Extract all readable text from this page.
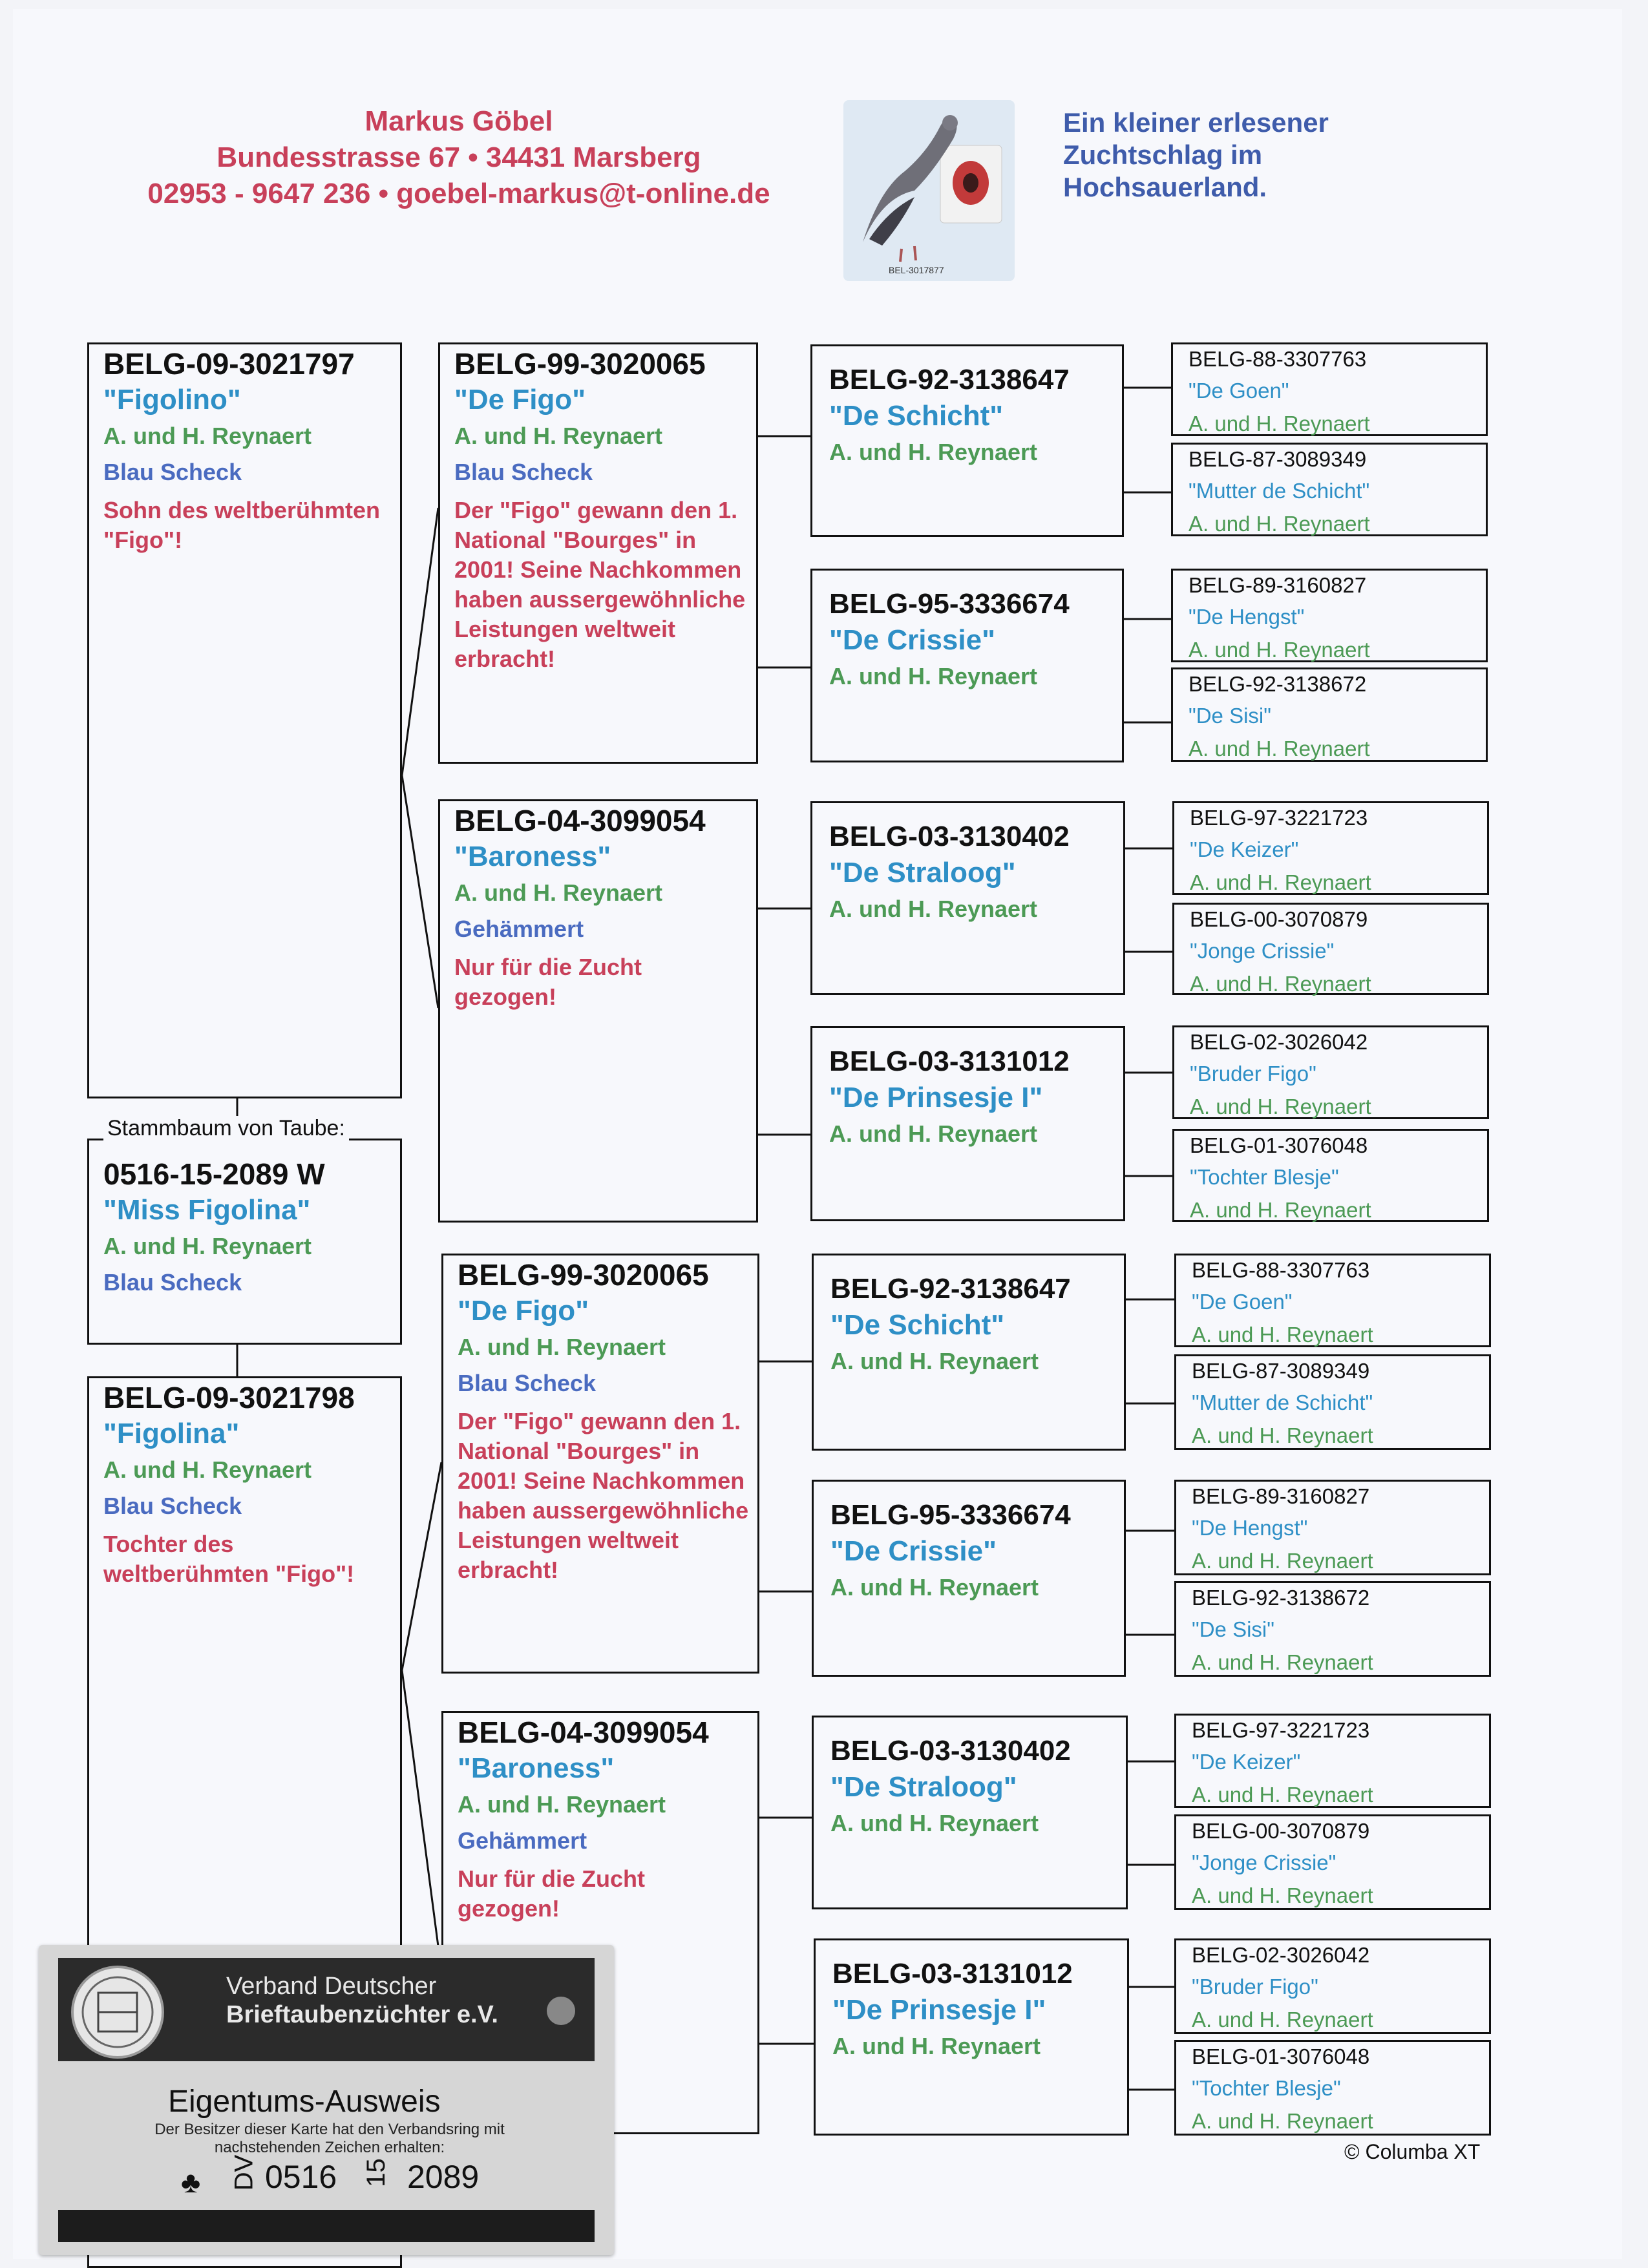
Markus Göbel
Bundesstrasse 67 • 34431 Marsberg
02953 - 9647 236 • goebel-markus@t-online.de
BEL-3017877
Ein kleiner erlesener
Zuchtschlag im
Hochsauerland.
BELG-09-3021797
"Figolino"
A. und H. Reynaert
Blau Scheck
Sohn des weltberühmten "Figo"!
0516-15-2089 W
"Miss Figolina"
A. und H. Reynaert
Blau Scheck
Stammbaum von Taube:
BELG-09-3021798
"Figolina"
A. und H. Reynaert
Blau Scheck
Tochter des weltberühmten "Figo"!
BELG-99-3020065
"De Figo"
A. und H. Reynaert
Blau Scheck
Der "Figo" gewann den 1. National "Bourges" in 2001! Seine Nachkommen haben aussergewöhnliche Leistungen weltweit erbracht!
BELG-04-3099054
"Baroness"
A. und H. Reynaert
Gehämmert
Nur für die Zucht gezogen!
BELG-99-3020065
"De Figo"
A. und H. Reynaert
Blau Scheck
Der "Figo" gewann den 1. National "Bourges" in 2001! Seine Nachkommen haben aussergewöhnliche Leistungen weltweit erbracht!
BELG-04-3099054
"Baroness"
A. und H. Reynaert
Gehämmert
Nur für die Zucht gezogen!
BELG-92-3138647
"De Schicht"
A. und H. Reynaert
BELG-95-3336674
"De Crissie"
A. und H. Reynaert
BELG-03-3130402
"De Straloog"
A. und H. Reynaert
BELG-03-3131012
"De Prinsesje I"
A. und H. Reynaert
BELG-92-3138647
"De Schicht"
A. und H. Reynaert
BELG-95-3336674
"De Crissie"
A. und H. Reynaert
BELG-03-3130402
"De Straloog"
A. und H. Reynaert
BELG-03-3131012
"De Prinsesje I"
A. und H. Reynaert
BELG-88-3307763
"De Goen"
A. und H. Reynaert
BELG-87-3089349
"Mutter de Schicht"
A. und H. Reynaert
BELG-89-3160827
"De Hengst"
A. und H. Reynaert
BELG-92-3138672
"De Sisi"
A. und H. Reynaert
BELG-97-3221723
"De Keizer"
A. und H. Reynaert
BELG-00-3070879
"Jonge Crissie"
A. und H. Reynaert
BELG-02-3026042
"Bruder Figo"
A. und H. Reynaert
BELG-01-3076048
"Tochter Blesje"
A. und H. Reynaert
BELG-88-3307763
"De Goen"
A. und H. Reynaert
BELG-87-3089349
"Mutter de Schicht"
A. und H. Reynaert
BELG-89-3160827
"De Hengst"
A. und H. Reynaert
BELG-92-3138672
"De Sisi"
A. und H. Reynaert
BELG-97-3221723
"De Keizer"
A. und H. Reynaert
BELG-00-3070879
"Jonge Crissie"
A. und H. Reynaert
BELG-02-3026042
"Bruder Figo"
A. und H. Reynaert
BELG-01-3076048
"Tochter Blesje"
A. und H. Reynaert
© Columba XT
Verband Deutscher
Brieftaubenzüchter e.V.
Eigentums-Ausweis
Der Besitzer dieser Karte hat den Verbandsring mit nachstehenden Zeichen erhalten:
♣ DV 0516 15 2089
